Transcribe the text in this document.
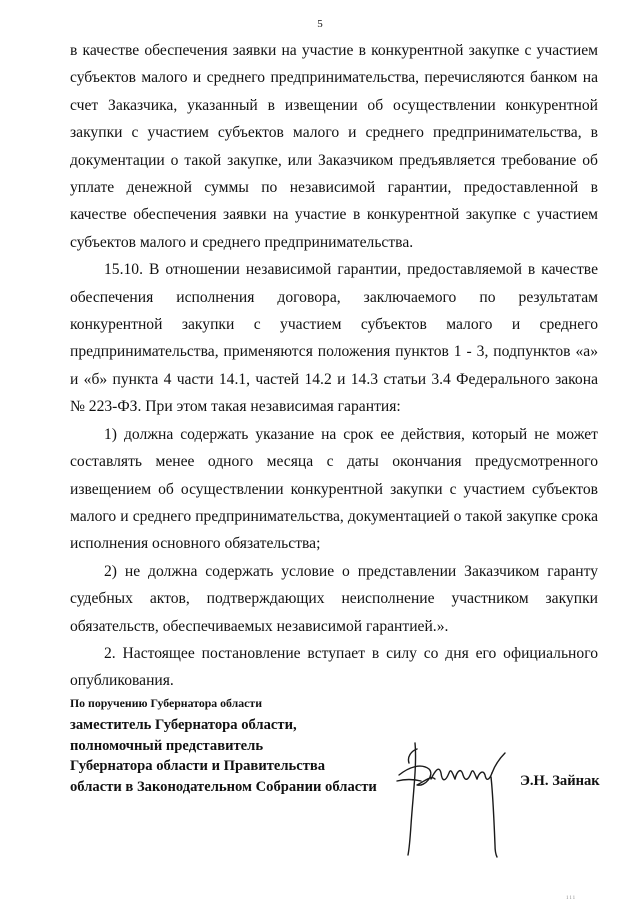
5

в качестве обеспечения заявки на участие в конкурентной закупке с участием субъектов малого и среднего предпринимательства, перечисляются банком на счет Заказчика, указанный в извещении об осуществлении конкурентной закупки с участием субъектов малого и среднего предпринимательства, в документации о такой закупке, или Заказчиком предъявляется требование об уплате денежной суммы по независимой гарантии, предоставленной в качестве обеспечения заявки на участие в конкурентной закупке с участием субъектов малого и среднего предпринимательства.

15.10. В отношении независимой гарантии, предоставляемой в качестве обеспечения исполнения договора, заключаемого по результатам конкурентной закупки с участием субъектов малого и среднего предпринимательства, применяются положения пунктов 1 - 3, подпунктов «а» и «б» пункта 4 части 14.1, частей 14.2 и 14.3 статьи 3.4 Федерального закона № 223-ФЗ. При этом такая независимая гарантия:

1) должна содержать указание на срок ее действия, который не может составлять менее одного месяца с даты окончания предусмотренного извещением об осуществлении конкурентной закупки с участием субъектов малого и среднего предпринимательства, документацией о такой закупке срока исполнения основного обязательства;

2) не должна содержать условие о представлении Заказчиком гаранту судебных актов, подтверждающих неисполнение участником закупки обязательств, обеспечиваемых независимой гарантией.».

2. Настоящее постановление вступает в силу со дня его официального опубликования.

По поручению Губернатора области

заместитель Губернатора области,
полномочный представитель
Губернатора области и Правительства
области в Законодательном Собрании области	Э.Н. Зайнак
111
